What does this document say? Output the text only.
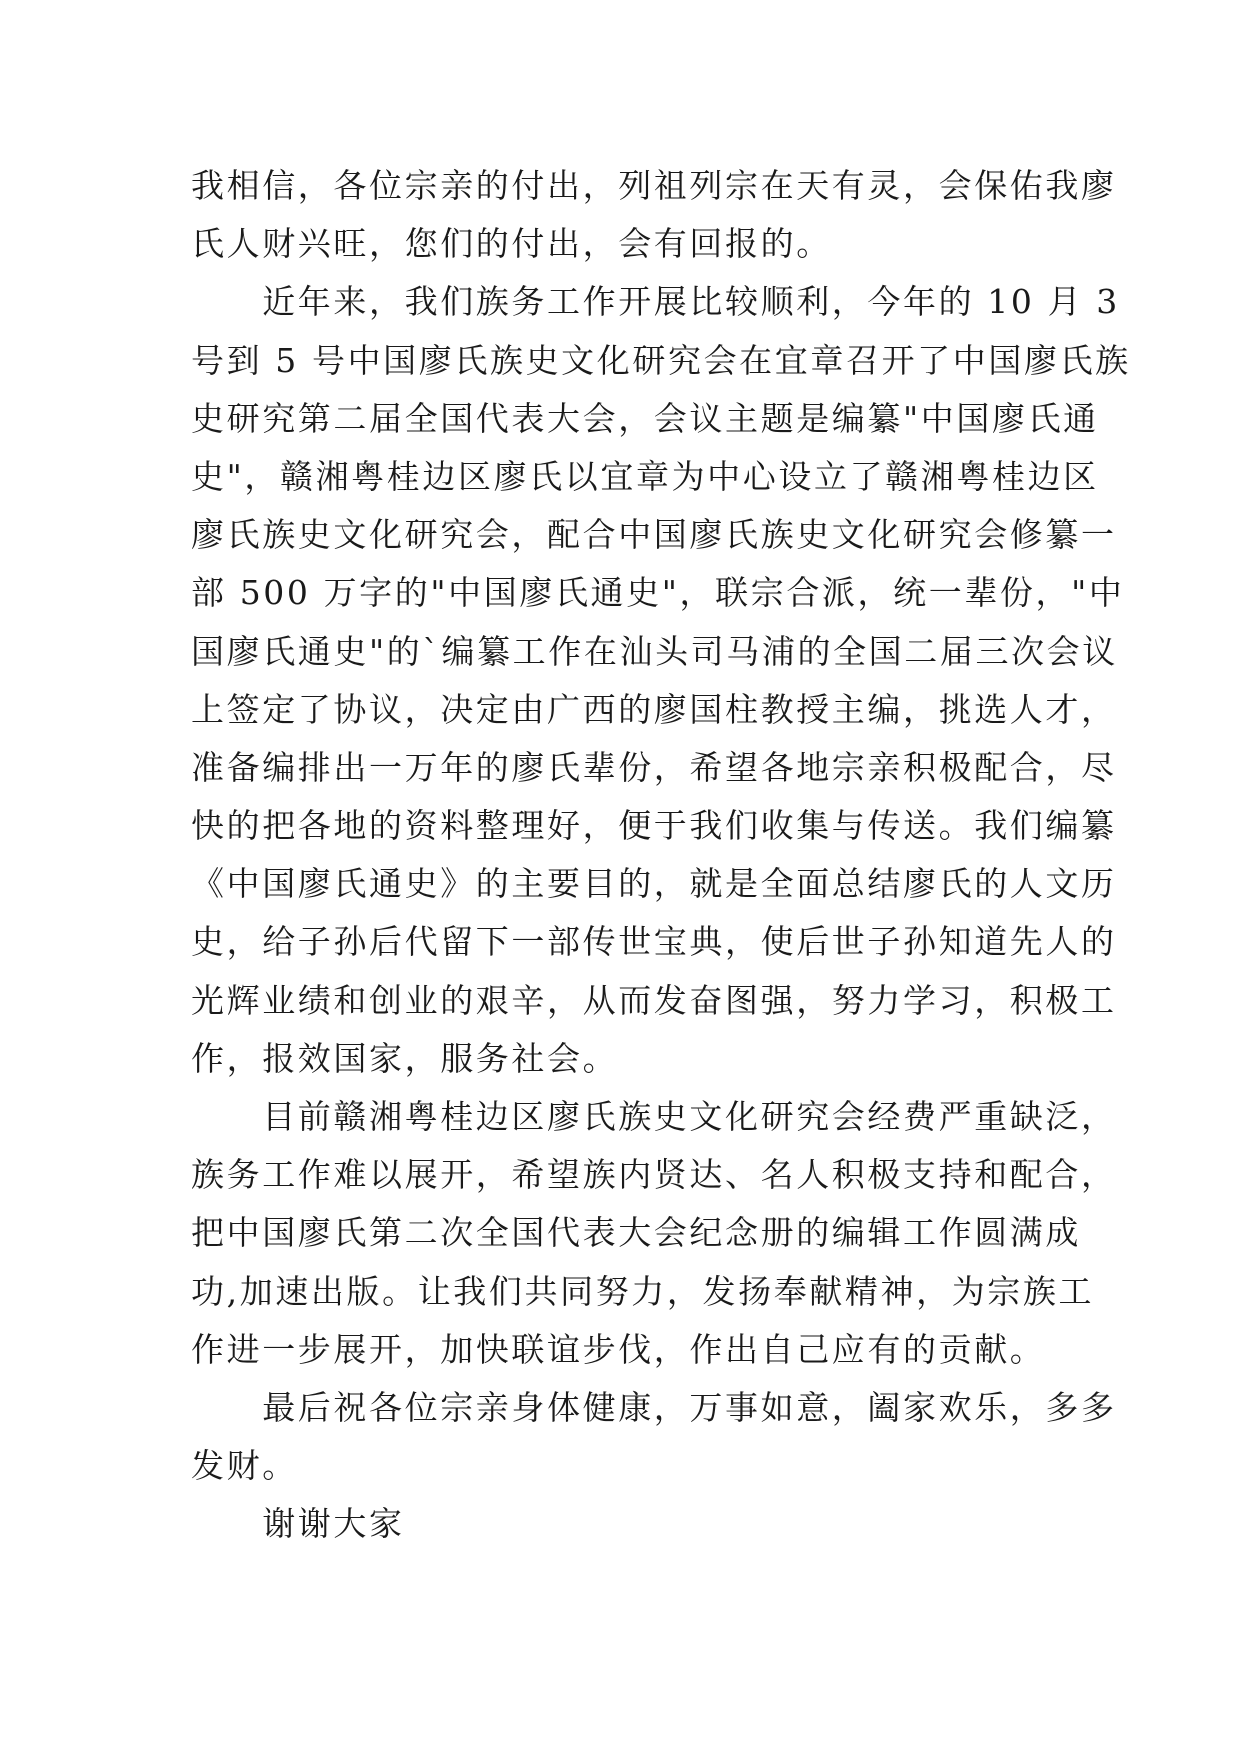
我相信，各位宗亲的付出，列祖列宗在天有灵，会保佑我廖
氏人财兴旺，您们的付出，会有回报的。
　　近年来，我们族务工作开展比较顺利，今年的 10 月 3
号到 5 号中国廖氏族史文化研究会在宜章召开了中国廖氏族
史研究第二届全国代表大会，会议主题是编纂"中国廖氏通
史"，赣湘粤桂边区廖氏以宜章为中心设立了赣湘粤桂边区
廖氏族史文化研究会，配合中国廖氏族史文化研究会修纂一
部 500 万字的"中国廖氏通史"，联宗合派，统一辈份，"中
国廖氏通史"的`编纂工作在汕头司马浦的全国二届三次会议
上签定了协议，决定由广西的廖国柱教授主编，挑选人才，
准备编排出一万年的廖氏辈份，希望各地宗亲积极配合，尽
快的把各地的资料整理好，便于我们收集与传送。我们编纂
《中国廖氏通史》的主要目的，就是全面总结廖氏的人文历
史，给子孙后代留下一部传世宝典，使后世子孙知道先人的
光辉业绩和创业的艰辛，从而发奋图强，努力学习，积极工
作，报效国家，服务社会。
　　目前赣湘粤桂边区廖氏族史文化研究会经费严重缺泛，
族务工作难以展开，希望族内贤达、名人积极支持和配合，
把中国廖氏第二次全国代表大会纪念册的编辑工作圆满成
功,加速出版。让我们共同努力，发扬奉献精神，为宗族工
作进一步展开，加快联谊步伐，作出自己应有的贡献。
　　最后祝各位宗亲身体健康，万事如意，阖家欢乐，多多
发财。
　　谢谢大家
